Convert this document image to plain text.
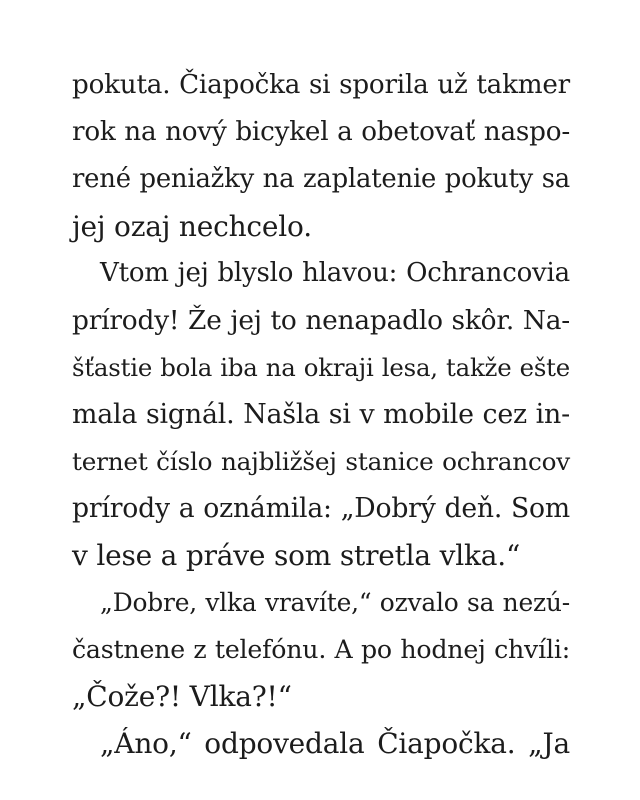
pokuta. Čiapočka si sporila už takmer
rok na nový bicykel a obetovať naspo-
rené peniažky na zaplatenie pokuty sa
jej ozaj nechcelo.
Vtom jej blyslo hlavou: Ochrancovia
prírody! Že jej to nenapadlo skôr. Na-
šťastie bola iba na okraji lesa, takže ešte
mala signál. Našla si v mobile cez in-
ternet číslo najbližšej stanice ochrancov
prírody a oznámila: „Dobrý deň. Som
v lese a práve som stretla vlka.“
„Dobre, vlka vravíte,“ ozvalo sa nezú-
častnene z telefónu. A po hodnej chvíli:
„Čože?! Vlka?!“
„Áno,“ odpovedala Čiapočka. „Ja
